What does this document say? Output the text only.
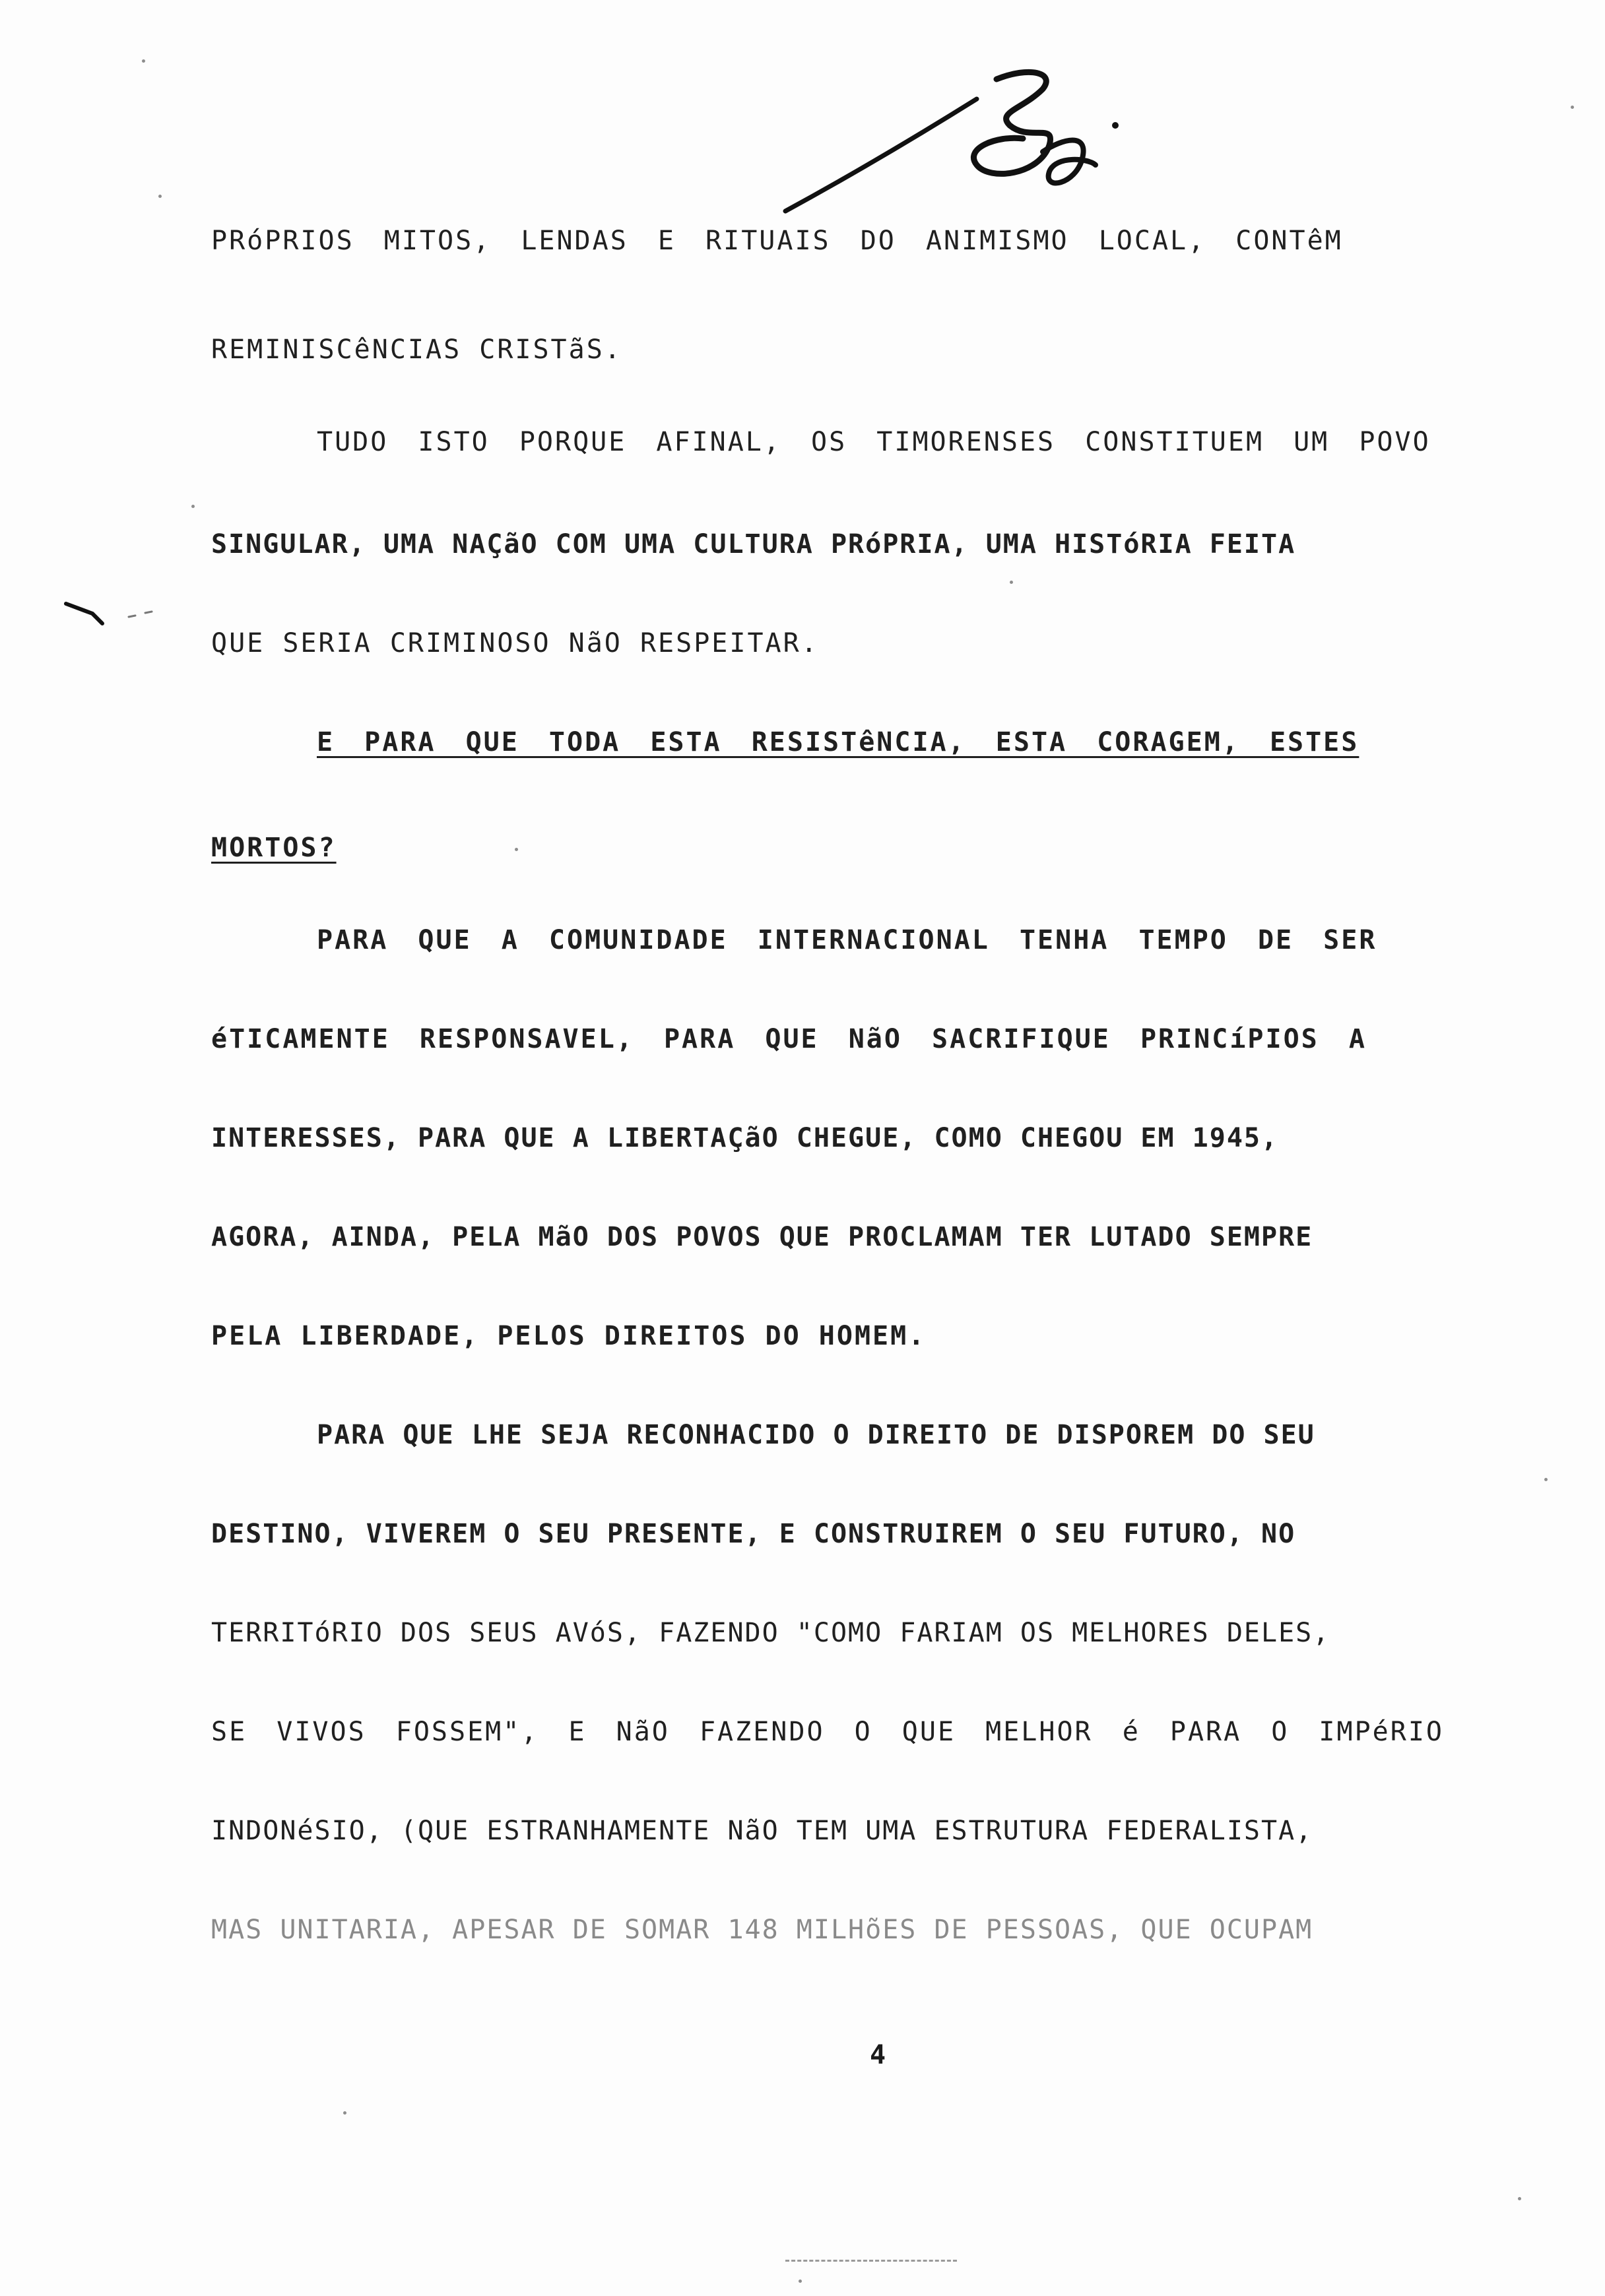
PRóPRIOS MITOS, LENDAS E RITUAIS DO ANIMISMO LOCAL, CONTêM
REMINISCêNCIAS CRISTãS.
TUDO ISTO PORQUE AFINAL, OS TIMORENSES CONSTITUEM UM POVO
SINGULAR, UMA NAÇãO COM UMA CULTURA PRóPRIA, UMA HISTóRIA FEITA
QUE SERIA CRIMINOSO NãO RESPEITAR.
E PARA QUE TODA ESTA RESISTêNCIA, ESTA CORAGEM, ESTES
MORTOS?
PARA QUE A COMUNIDADE INTERNACIONAL TENHA TEMPO DE SER
éTICAMENTE RESPONSAVEL, PARA QUE NãO SACRIFIQUE PRINCíPIOS A
INTERESSES, PARA QUE A LIBERTAÇãO CHEGUE, COMO CHEGOU EM 1945,
AGORA, AINDA, PELA MãO DOS POVOS QUE PROCLAMAM TER LUTADO SEMPRE
PELA LIBERDADE, PELOS DIREITOS DO HOMEM.
PARA QUE LHE SEJA RECONHACIDO O DIREITO DE DISPOREM DO SEU
DESTINO, VIVEREM O SEU PRESENTE, E CONSTRUIREM O SEU FUTURO, NO
TERRITóRIO DOS SEUS AVóS, FAZENDO "COMO FARIAM OS MELHORES DELES,
SE VIVOS FOSSEM", E NãO FAZENDO O QUE MELHOR é PARA O IMPéRIO
INDONéSIO, (QUE ESTRANHAMENTE NãO TEM UMA ESTRUTURA FEDERALISTA,
MAS UNITARIA, APESAR DE SOMAR 148 MILHõES DE PESSOAS, QUE OCUPAM
4
